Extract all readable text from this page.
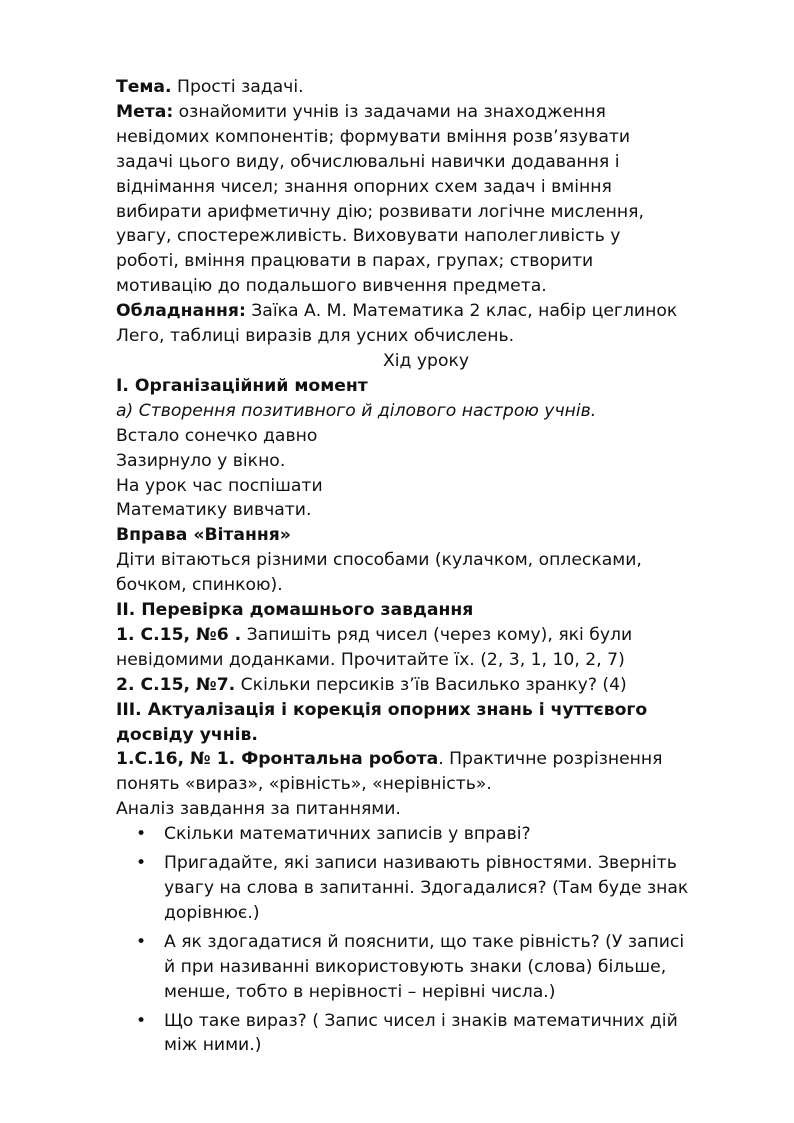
Тема. Прості задачі.
Мета: ознайомити учнів із задачами на знаходження
невідомих компонентів; формувати вміння розв’язувати
задачі цього виду, обчислювальні навички додавання і
віднімання чисел; знання опорних схем задач і вміння
вибирати арифметичну дію; розвивати логічне мислення,
увагу, спостережливість. Виховувати наполегливість у
роботі, вміння працювати в парах, групах; створити
мотивацію до подальшого вивчення предмета.
Обладнання: Заїка А. М. Математика 2 клас, набір цеглинок
Лего, таблиці виразів для усних обчислень.
Хід уроку
І. Організаційний момент
а) Створення позитивного й ділового настрою учнів.
Встало сонечко давно
Зазирнуло у вікно.
На урок час поспішати
Математику вивчати.
Вправа «Вітання»
Діти вітаються різними способами (кулачком, оплесками,
бочком, спинкою).
ІІ. Перевірка домашнього завдання
1. С.15, №6 . Запишіть ряд чисел (через кому), які були
невідомими доданками. Прочитайте їх. (2, 3, 1, 10, 2, 7)
2. С.15, №7. Скільки персиків з’їв Василько зранку? (4)
ІІІ. Актуалізація і корекція опорних знань і чуттєвого
досвіду учнів.
1.С.16, № 1. Фронтальна робота. Практичне розрізнення
понять «вираз», «рівність», «нерівність».
Аналіз завдання за питаннями.
• Скільки математичних записів у вправі?
• Пригадайте, які записи називають рівностями. Зверніть
увагу на слова в запитанні. Здогадалися? (Там буде знак
дорівнює.)
• А як здогадатися й пояснити, що таке рівність? (У записі
й при називанні використовують знаки (слова) більше,
менше, тобто в нерівності – нерівні числа.)
• Що таке вираз? ( Запис чисел і знаків математичних дій
між ними.)
